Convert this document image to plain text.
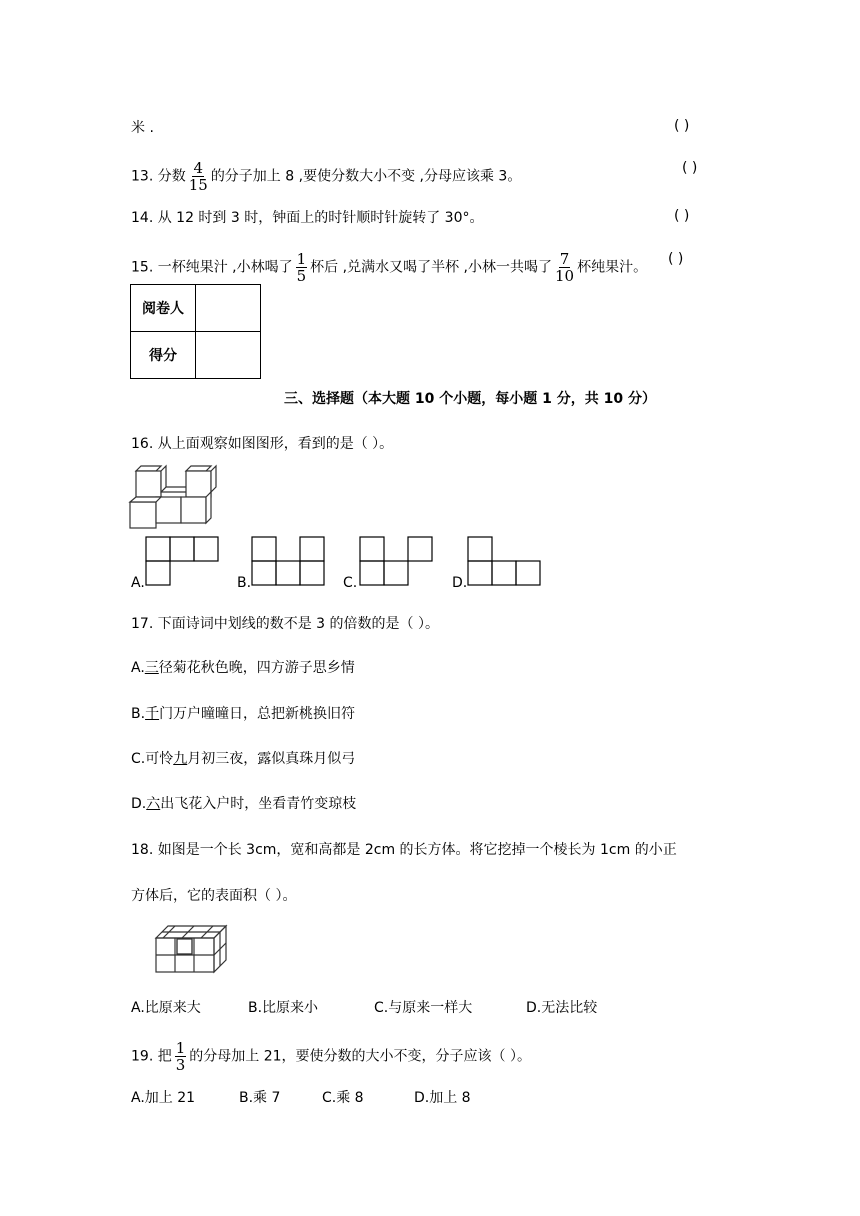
米 .	( )
13. 分数 $\frac{4}{15}$ 的分子加上 8 ,要使分数大小不变 ,分母应该乘 3。
( )
14. 从 12 时到 3 时，钟面上的时针顺时针旋转了 30°。	( )
15. 一杯纯果汁 ,小林喝了 $\frac{1}{5}$ 杯后 ,兑满水又喝了半杯 ,小林一共喝了 $\frac{7}{10}$ 杯纯果汁。
( )
阅卷人	
得分	
三、选择题（本大题 10 个小题，每小题 1 分，共 10 分）
16. 从上面观察如图图形，看到的是（ ）。
A.	B.	C.	D.
17. 下面诗词中划线的数不是 3 的倍数的是（ ）。
A.三径菊花秋色晚，四方游子思乡情
B.千门万户曈曈日，总把新桃换旧符
C.可怜九月初三夜，露似真珠月似弓
D.六出飞花入户时，坐看青竹变琼枝
18. 如图是一个长 3cm，宽和高都是 2cm 的长方体。将它挖掉一个棱长为 1cm 的小正
方体后，它的表面积（ ）。
A.比原来大	B.比原来小	C.与原来一样大	D.无法比较
19. 把 $\frac{1}{3}$ 的分母加上 21，要使分数的大小不变，分子应该（ ）。
A.加上 21	B.乘 7	C.乘 8	D.加上 8
